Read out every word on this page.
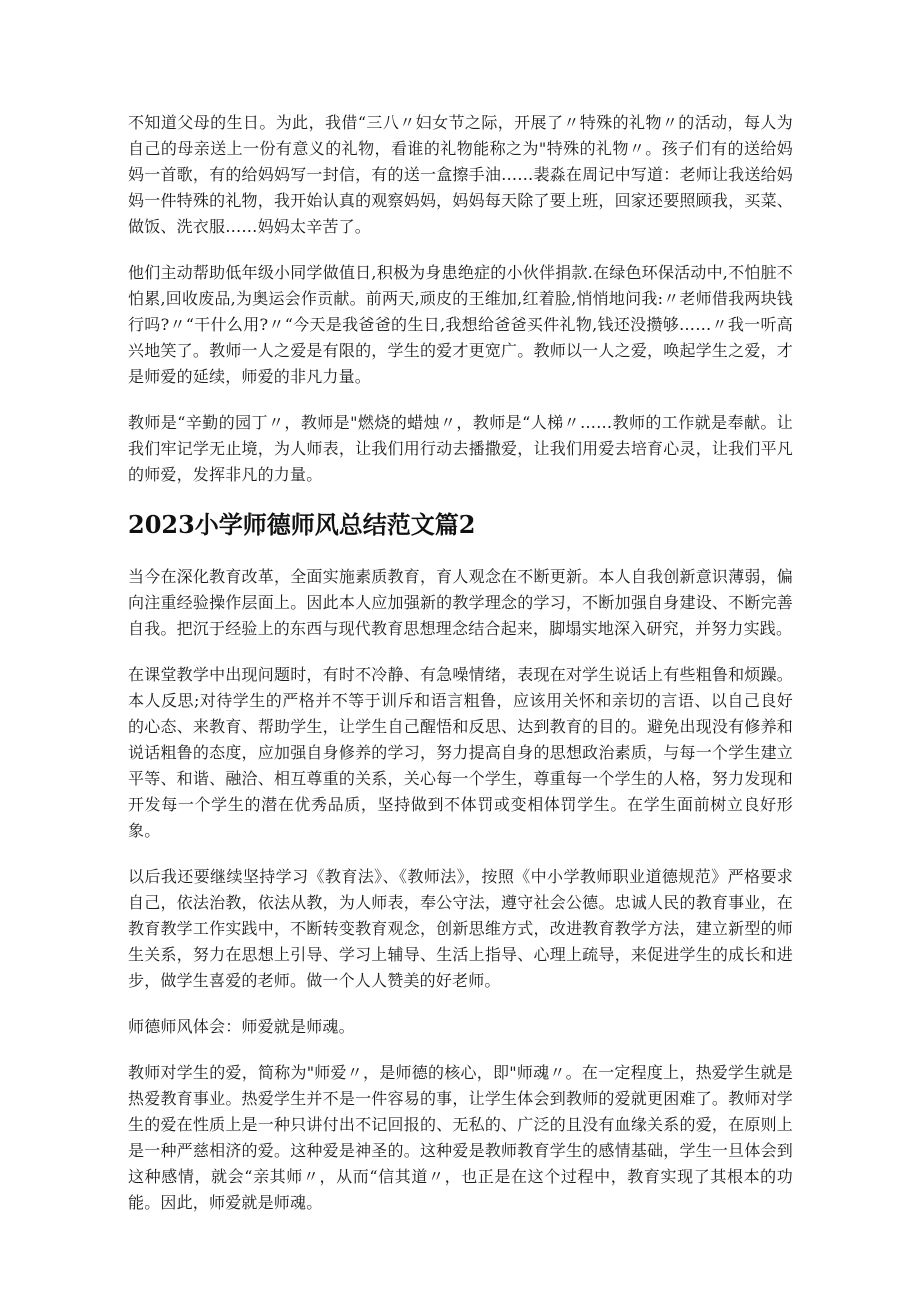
不知道父母的生日。为此，我借“三八〃妇女节之际，开展了〃特殊的礼物〃的活动，每人为自己的母亲送上一份有意义的礼物，看谁的礼物能称之为"特殊的礼物〃。孩子们有的送给妈妈一首歌，有的给妈妈写一封信，有的送一盒擦手油……裴淼在周记中写道：老师让我送给妈妈一件特殊的礼物，我开始认真的观察妈妈，妈妈每天除了要上班，回家还要照顾我，买菜、做饭、洗衣服……妈妈太辛苦了。

他们主动帮助低年级小同学做值日,积极为身患绝症的小伙伴捐款.在绿色环保活动中,不怕脏不怕累,回收废品,为奥运会作贡献。前两天,顽皮的王维加,红着脸,悄悄地问我:〃老师借我两块钱行吗?〃“干什么用?〃“今天是我爸爸的生日,我想给爸爸买件礼物,钱还没攒够……〃我一听高兴地笑了。教师一人之爱是有限的，学生的爱才更宽广。教师以一人之爱，唤起学生之爱，才是师爱的延续，师爱的非凡力量。

教师是“辛勤的园丁〃，教师是"燃烧的蜡烛〃，教师是“人梯〃……教师的工作就是奉献。让我们牢记学无止境，为人师表，让我们用行动去播撒爱，让我们用爱去培育心灵，让我们平凡的师爱，发挥非凡的力量。

2023小学师德师风总结范文篇2

当今在深化教育改革，全面实施素质教育，育人观念在不断更新。本人自我创新意识薄弱，偏向注重经验操作层面上。因此本人应加强新的教学理念的学习，不断加强自身建设、不断完善自我。把沉于经验上的东西与现代教育思想理念结合起来，脚塌实地深入研究，并努力实践。

在课堂教学中出现问题时，有时不冷静、有急噪情绪，表现在对学生说话上有些粗鲁和烦躁。本人反思;对待学生的严格并不等于训斥和语言粗鲁，应该用关怀和亲切的言语、以自己良好的心态、来教育、帮助学生，让学生自己醒悟和反思、达到教育的目的。避免出现没有修养和说话粗鲁的态度，应加强自身修养的学习，努力提高自身的思想政治素质，与每一个学生建立平等、和谐、融洽、相互尊重的关系，关心每一个学生，尊重每一个学生的人格，努力发现和开发每一个学生的潜在优秀品质，坚持做到不体罚或变相体罚学生。在学生面前树立良好形象。

以后我还要继续坚持学习《教育法》、《教师法》，按照《中小学教师职业道德规范》严格要求自己，依法治教，依法从教，为人师表，奉公守法，遵守社会公德。忠诚人民的教育事业，在教育教学工作实践中，不断转变教育观念，创新思维方式，改进教育教学方法，建立新型的师生关系，努力在思想上引导、学习上辅导、生活上指导、心理上疏导，来促进学生的成长和进步，做学生喜爱的老师。做一个人人赞美的好老师。

师德师风体会：师爱就是师魂。

教师对学生的爱，简称为"师爱〃，是师德的核心，即"师魂〃。在一定程度上，热爱学生就是热爱教育事业。热爱学生并不是一件容易的事，让学生体会到教师的爱就更困难了。教师对学生的爱在性质上是一种只讲付出不记回报的、无私的、广泛的且没有血缘关系的爱，在原则上是一种严慈相济的爱。这种爱是神圣的。这种爱是教师教育学生的感情基础，学生一旦体会到这种感情，就会“亲其师〃，从而“信其道〃，也正是在这个过程中，教育实现了其根本的功能。因此，师爱就是师魂。
